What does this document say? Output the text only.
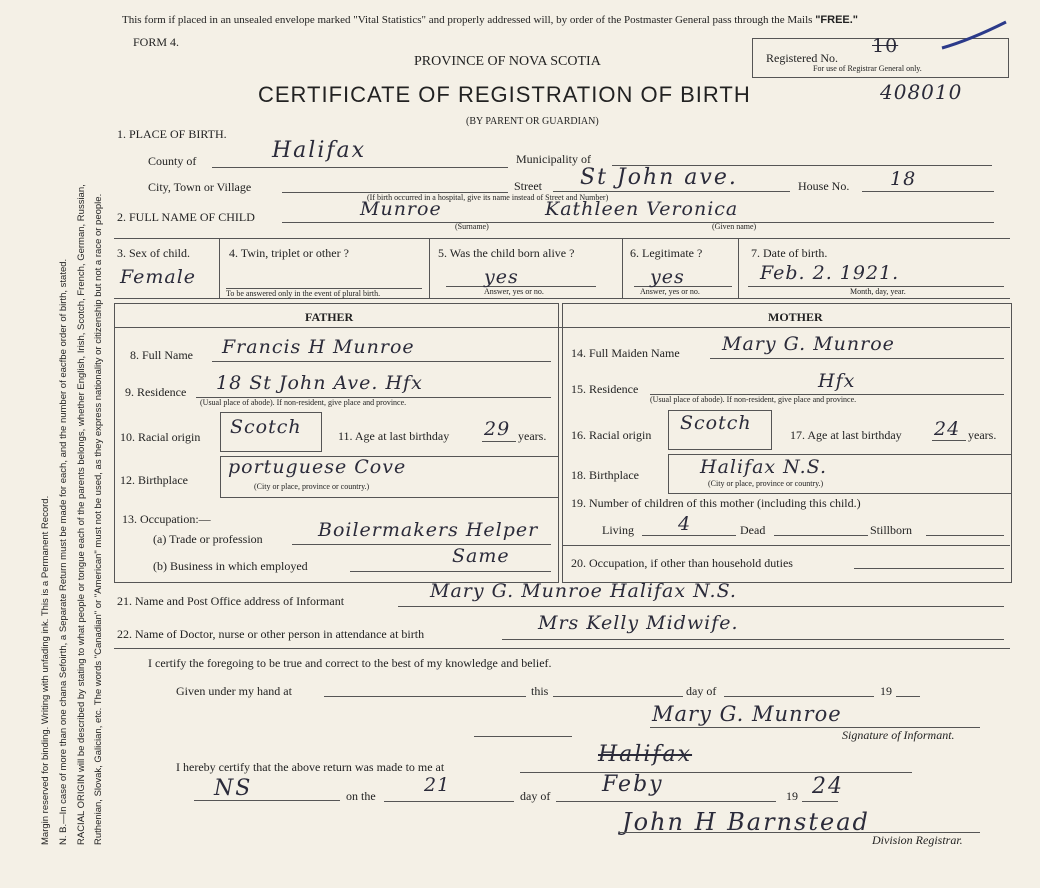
Margin reserved for binding. Writing with unfading ink. This is a Permanent Record. N. B.—In case of more than one chana Sefoirth, a Separate Return must be made for each, and the number of eacfbe order of birth, stated. RACIAL ORIGIN will be described by stating to what people or tongue each of the parents belongs, whether English, Irish, Scotch, French, German, Russian, Ruthenian, Slovak, Galician, etc. The words "Canadian" or "American" must not be used, as they express nationality or citizenship but not a race or people.
This form if placed in an unsealed envelope marked "Vital Statistics" and properly addressed will, by order of the Postmaster General pass through the Mails "FREE."
FORM 4.
PROVINCE OF NOVA SCOTIA
CERTIFICATE OF REGISTRATION OF BIRTH
(BY PARENT OR GUARDIAN)
Registered No.
10
For use of Registrar General only.
408010
1. PLACE OF BIRTH.
County of	Halifax	Municipality of
City, Town or Village	Street St John ave.	House No. 18
(If birth occurred in a hospital, give its name instead of Street and Number)
2. FULL NAME OF CHILD	Munroe	Kathleen Veronica
(Surname)	(Given name)
3. Sex of child.
Female
4. Twin, triplet or other ?
To be answered only in the event of plural birth.
5. Was the child born alive ?
yes
Answer, yes or no.
6. Legitimate ?
yes
Answer, yes or no.
7. Date of birth.
Feb. 2. 1921.
Month, day, year.
FATHER	MOTHER
8. Full Name Francis H Munroe
9. Residence 18 St John Ave. Hfx
(Usual place of abode). If non-resident, give place and province.
10. Racial origin Scotch	11. Age at last birthday 29 years.
12. Birthplace
portuguese Cove
(City or place, province or country.)
13. Occupation:—
(a) Trade or profession	Boilermakers Helper
(b) Business in which employed	Same
14. Full Maiden Name Mary G. Munroe
15. Residence	Hfx
(Usual place of abode). If non-resident, give place and province.
16. Racial origin
Scotch
17. Age at last birthday 24 years.
18. Birthplace	Halifax N.S.
(City or place, province or country.)
19. Number of children of this mother (including this child.)
Living 4	Dead	Stillborn
20. Occupation, if other than household duties
21. Name and Post Office address of Informant	Mary G. Munroe Halifax N.S.
22. Name of Doctor, nurse or other person in attendance at birth	Mrs Kelly Midwife.
I certify the foregoing to be true and correct to the best of my knowledge and belief.
Given under my hand at	this	day of	19
Mary G. Munroe
Signature of Informant.
I hereby certify that the above return was made to me at	Halifax
NS	on the	21	day of Feby	19 24
John H Barnstead
Division Registrar.
